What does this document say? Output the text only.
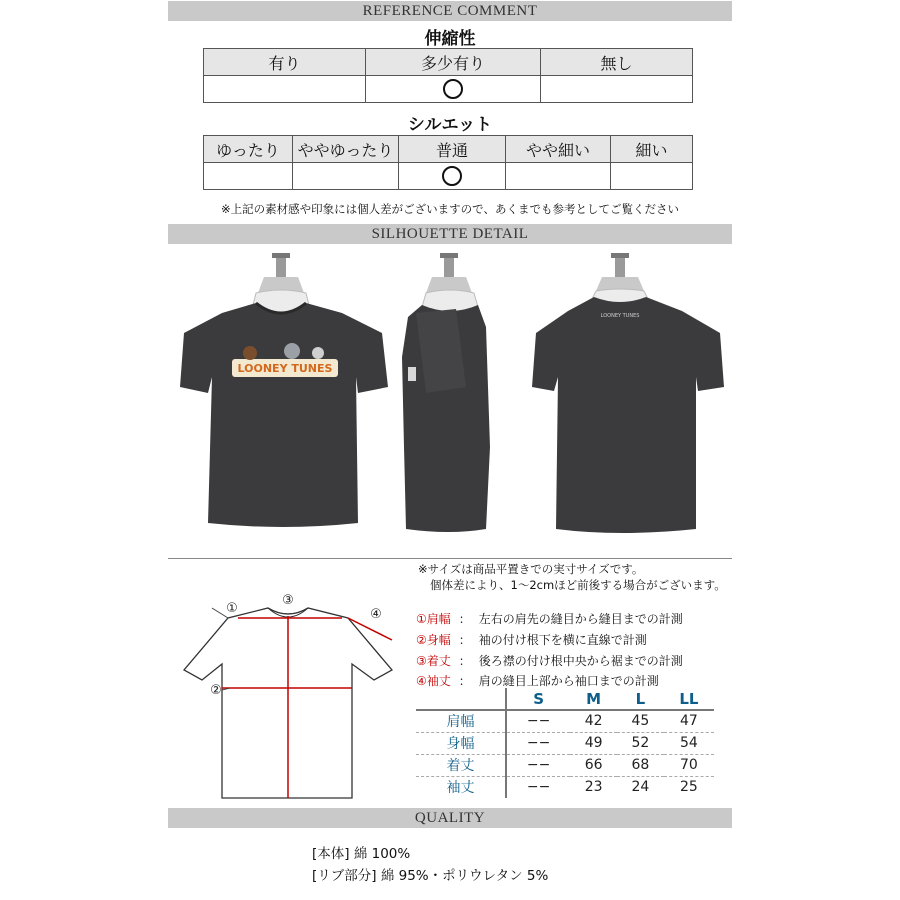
REFERENCE COMMENT
伸縮性
有り	多少有り	無し

シルエット
ゆったり	ややゆったり	普通	やや細い	細い

※上記の素材感や印象には個人差がございますので、あくまでも参考としてご覧ください
SILHOUETTE DETAIL
LOONEY TUNES
LOONEY TUNES
※サイズは商品平置きでの実寸サイズです。
個体差により、1～2cmほど前後する場合がございます。
①
③
④
②
①肩幅 ： 左右の肩先の縫目から縫目までの計測
②身幅 ： 袖の付け根下を横に直線で計測
③着丈 ： 後ろ襟の付け根中央から裾までの計測
④袖丈 ： 肩の縫目上部から袖口までの計測
	S	M	L	LL
肩幅	−−	42	45	47
身幅	−−	49	52	54
着丈	−−	66	68	70
袖丈	−−	23	24	25
QUALITY
[本体] 綿 100%
[リブ部分] 綿 95%・ポリウレタン 5%
